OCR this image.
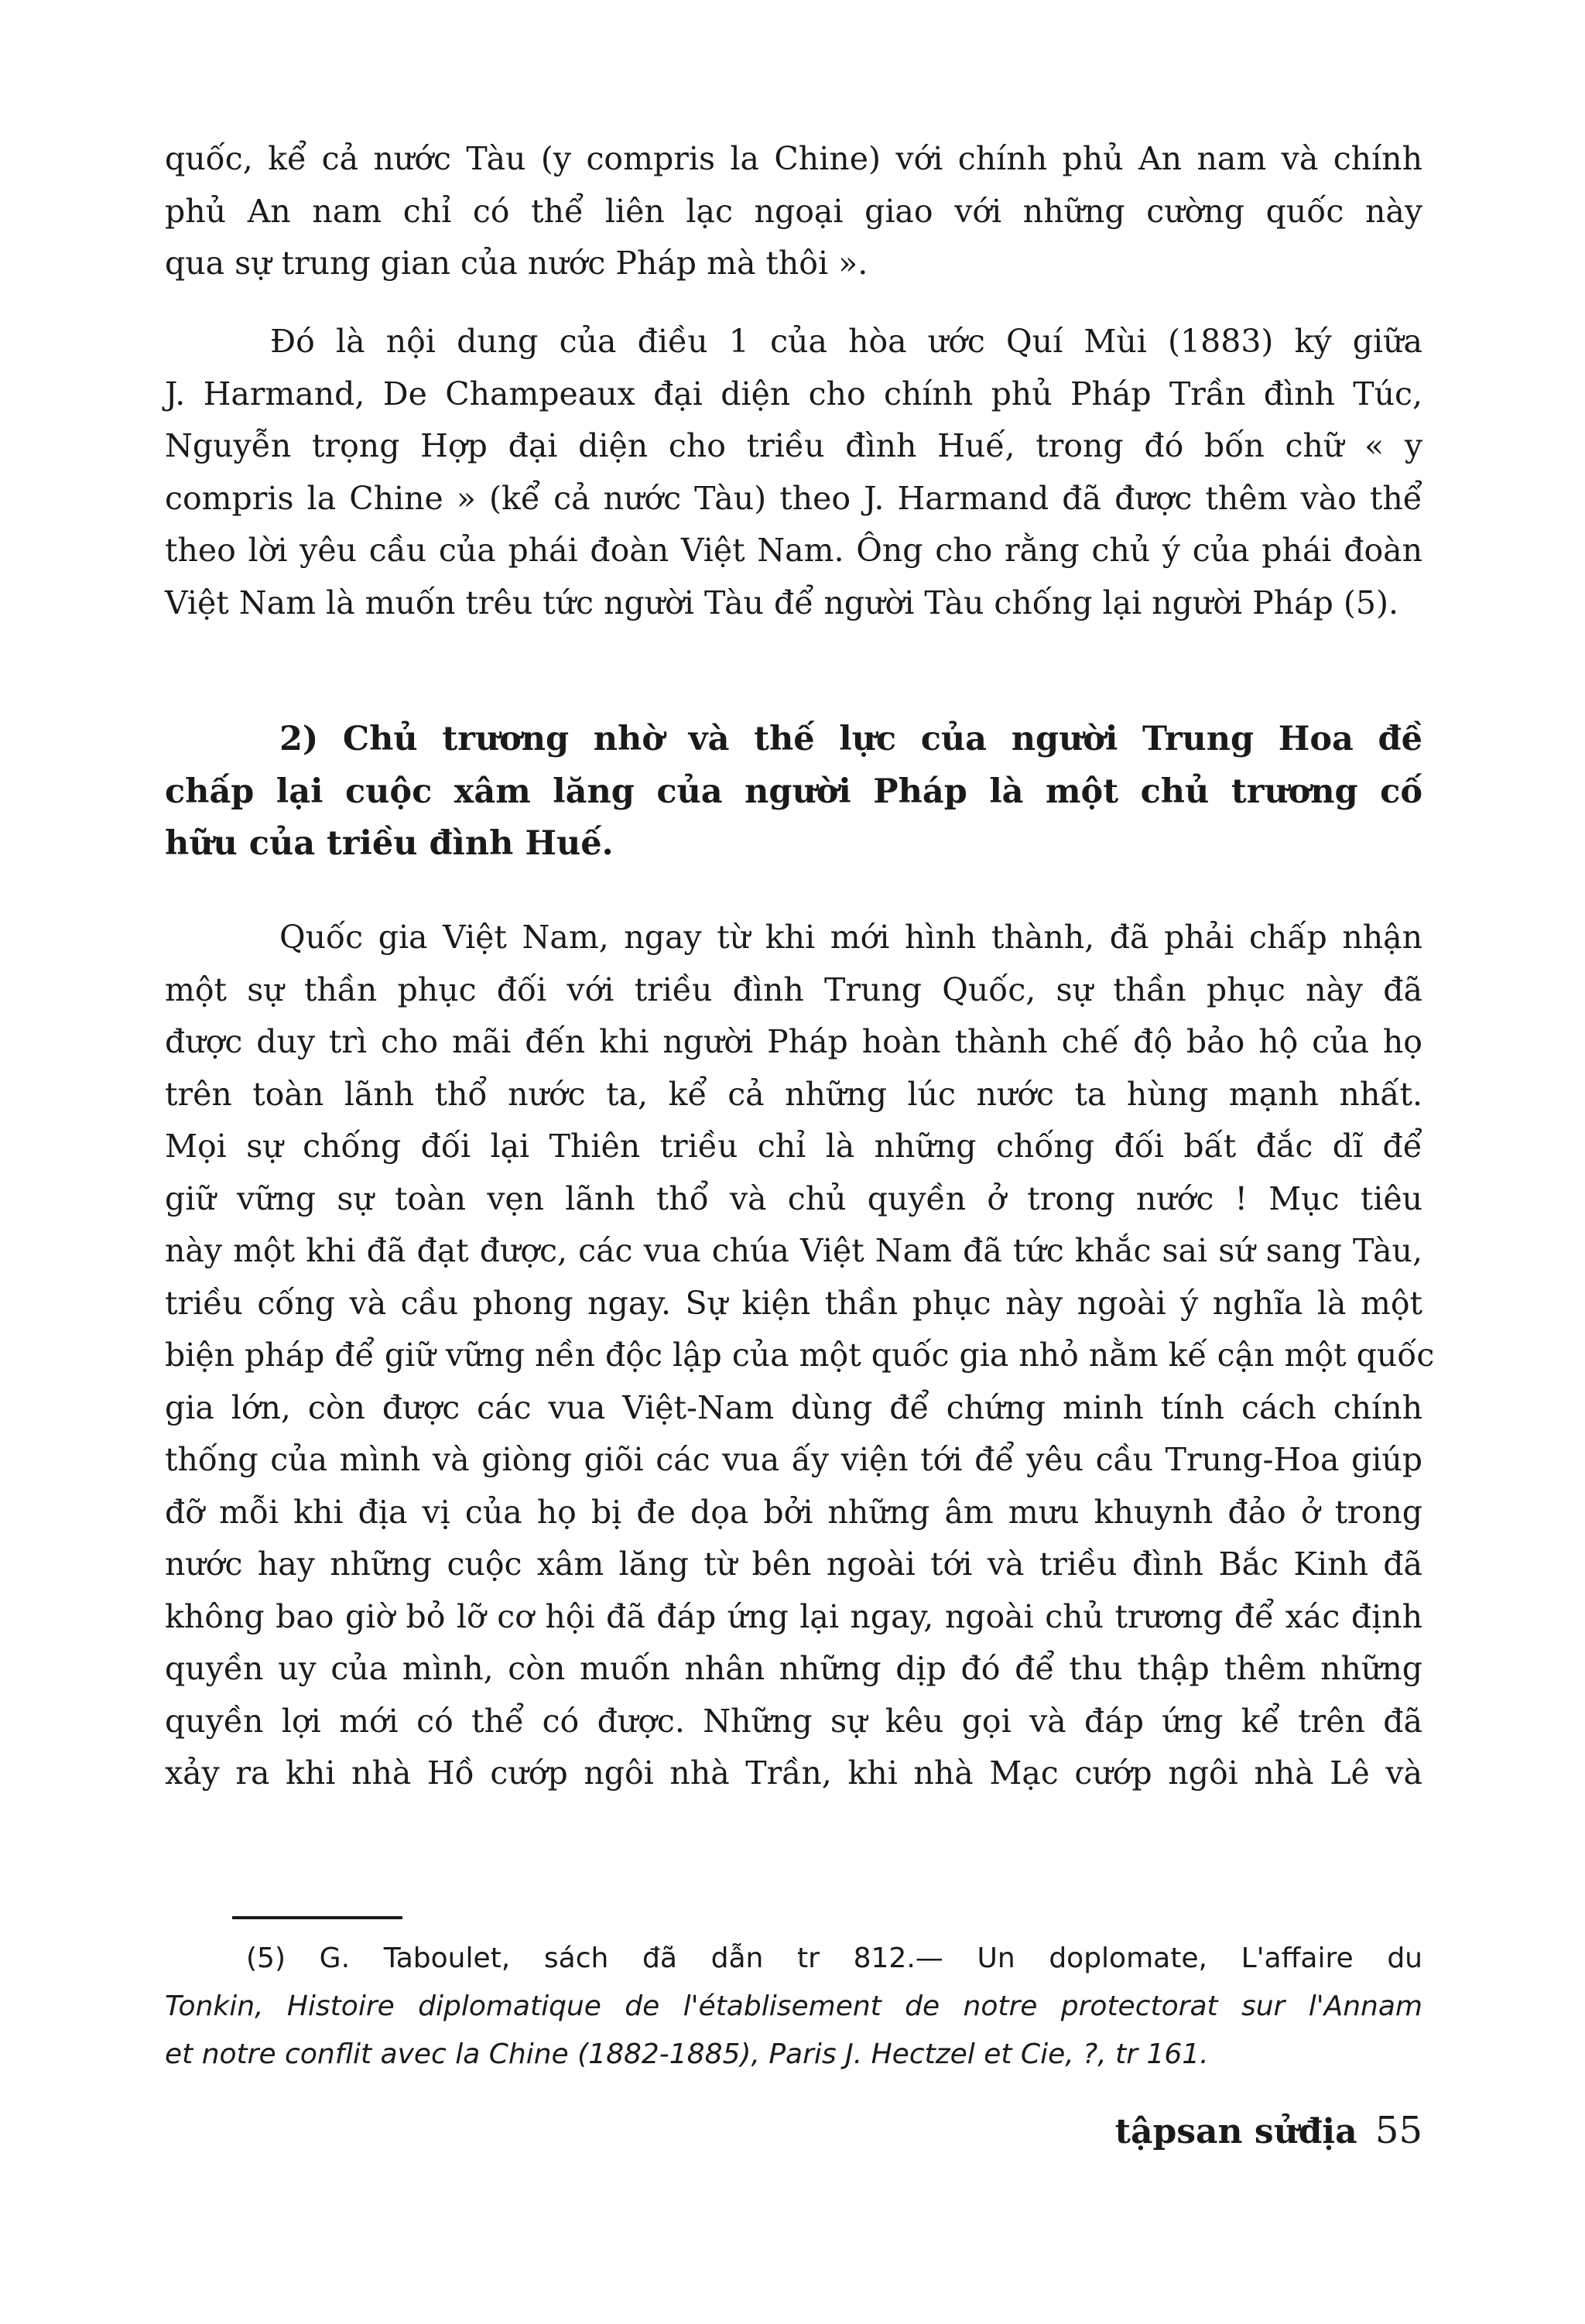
quốc, kể cả nước Tàu (y compris la Chine) với chính phủ An nam và chính
phủ An nam chỉ có thể liên lạc ngoại giao với những cường quốc này
qua sự trung gian của nước Pháp mà thôi ».
Đó là nội dung của điều 1 của hòa ước Quí Mùi (1883) ký giữa
J. Harmand, De Champeaux đại diện cho chính phủ Pháp Trần đình Túc,
Nguyễn trọng Hợp đại diện cho triều đình Huế, trong đó bốn chữ « y
compris la Chine » (kể cả nước Tàu) theo J. Harmand đã được thêm vào thể
theo lời yêu cầu của phái đoàn Việt Nam. Ông cho rằng chủ ý của phái đoàn
Việt Nam là muốn trêu tức người Tàu để người Tàu chống lại người Pháp (5).
2) Chủ trương nhờ và thế lực của người Trung Hoa đề
chấp lại cuộc xâm lăng của người Pháp là một chủ trương cố
hữu của triều đình Huế.
Quốc gia Việt Nam, ngay từ khi mới hình thành, đã phải chấp nhận
một sự thần phục đối với triều đình Trung Quốc, sự thần phục này đã
được duy trì cho mãi đến khi người Pháp hoàn thành chế độ bảo hộ của họ
trên toàn lãnh thổ nước ta, kể cả những lúc nước ta hùng mạnh nhất.
Mọi sự chống đối lại Thiên triều chỉ là những chống đối bất đắc dĩ để
giữ vững sự toàn vẹn lãnh thổ và chủ quyền ở trong nước ! Mục tiêu
này một khi đã đạt được, các vua chúa Việt Nam đã tức khắc sai sứ sang Tàu,
triều cống và cầu phong ngay. Sự kiện thần phục này ngoài ý nghĩa là một
biện pháp để giữ vững nền độc lập của một quốc gia nhỏ nằm kế cận một quốc
gia lớn, còn được các vua Việt-Nam dùng để chứng minh tính cách chính
thống của mình và giòng giõi các vua ấy viện tới để yêu cầu Trung-Hoa giúp
đỡ mỗi khi địa vị của họ bị đe dọa bởi những âm mưu khuynh đảo ở trong
nước hay những cuộc xâm lăng từ bên ngoài tới và triều đình Bắc Kinh đã
không bao giờ bỏ lỡ cơ hội đã đáp ứng lại ngay, ngoài chủ trương để xác định
quyền uy của mình, còn muốn nhân những dịp đó để thu thập thêm những
quyền lợi mới có thể có được. Những sự kêu gọi và đáp ứng kể trên đã
xảy ra khi nhà Hồ cướp ngôi nhà Trần, khi nhà Mạc cướp ngôi nhà Lê và
(5) G. Taboulet, sách đã dẫn tr 812.— Un doplomate, L'affaire du
Tonkin, Histoire diplomatique de l'établisement de notre protectorat sur l'Annam
et notre conflit avec la Chine (1882-1885), Paris J. Hectzel et Cie, ?, tr 161.
tậpsan sửđịa 55
